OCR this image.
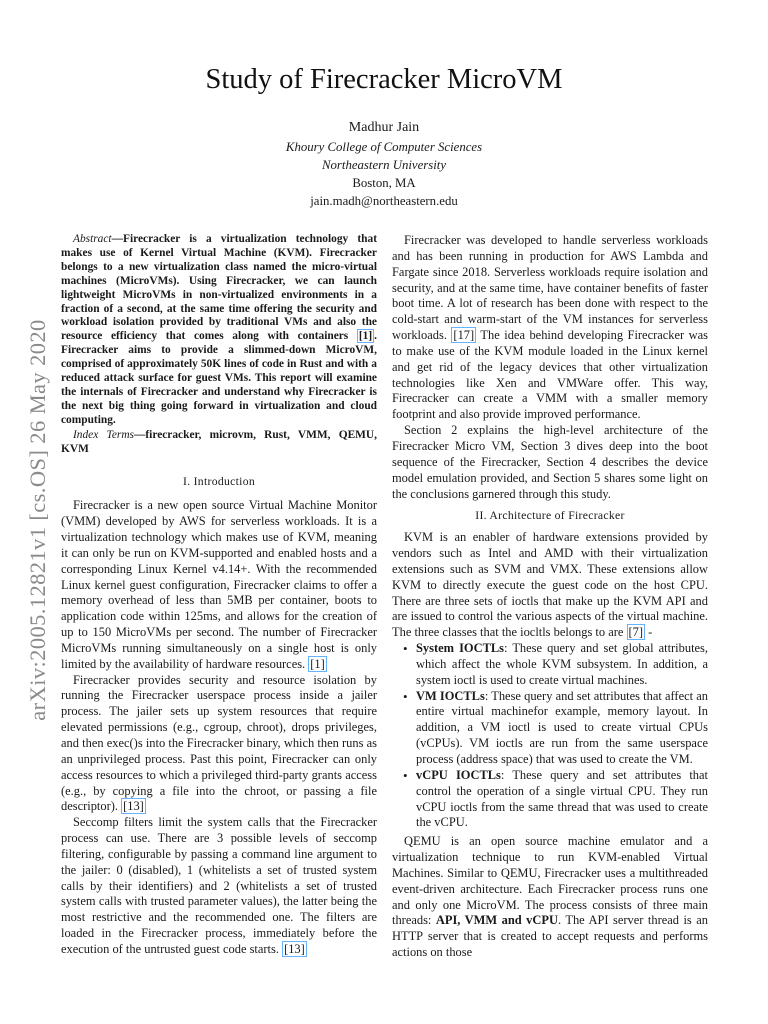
arXiv:2005.12821v1 [cs.OS] 26 May 2020
Study of Firecracker MicroVM
Madhur Jain
Khoury College of Computer Sciences
Northeastern University
Boston, MA
jain.madh@northeastern.edu

Abstract—Firecracker is a virtualization technology that makes use of Kernel Virtual Machine (KVM). Firecracker belongs to a new virtualization class named the micro-virtual machines (MicroVMs). Using Firecracker, we can launch lightweight MicroVMs in non-virtualized environments in a fraction of a second, at the same time offering the security and workload isolation provided by traditional VMs and also the resource efficiency that comes along with containers [1] . Firecracker aims to provide a slimmed-down MicroVM, comprised of approximately 50K lines of code in Rust and with a reduced attack surface for guest VMs. This report will examine the internals of Firecracker and understand why Firecracker is the next big thing going forward in virtualization and cloud computing.

Index Terms—firecracker, microvm, Rust, VMM, QEMU, KVM

I. Introduction

Firecracker is a new open source Virtual Machine Monitor (VMM) developed by AWS for serverless workloads. It is a virtualization technology which makes use of KVM, meaning it can only be run on KVM-supported and enabled hosts and a corresponding Linux Kernel v4.14+. With the recommended Linux kernel guest configuration, Firecracker claims to offer a memory overhead of less than 5MB per container, boots to application code within 125ms, and allows for the creation of up to 150 MicroVMs per second. The number of Firecracker MicroVMs running simultaneously on a single host is only limited by the availability of hardware resources. [1]

Firecracker provides security and resource isolation by running the Firecracker userspace process inside a jailer process. The jailer sets up system resources that require elevated permissions (e.g., cgroup, chroot), drops privileges, and then exec()s into the Firecracker binary, which then runs as an unprivileged process. Past this point, Firecracker can only access resources to which a privileged third-party grants access (e.g., by copying a file into the chroot, or passing a file descriptor). [13]

Seccomp filters limit the system calls that the Firecracker process can use. There are 3 possible levels of seccomp filtering, configurable by passing a command line argument to the jailer: 0 (disabled), 1 (whitelists a set of trusted system calls by their identifiers) and 2 (whitelists a set of trusted system calls with trusted parameter values), the latter being the most restrictive and the recommended one. The filters are loaded in the Firecracker process, immediately before the execution of the untrusted guest code starts. [13]

Firecracker was developed to handle serverless workloads and has been running in production for AWS Lambda and Fargate since 2018. Serverless workloads require isolation and security, and at the same time, have container benefits of faster boot time. A lot of research has been done with respect to the cold-start and warm-start of the VM instances for serverless workloads. [17] The idea behind developing Firecracker was to make use of the KVM module loaded in the Linux kernel and get rid of the legacy devices that other virtualization technologies like Xen and VMWare offer. This way, Firecracker can create a VMM with a smaller memory footprint and also provide improved performance.

Section 2 explains the high-level architecture of the Firecracker Micro VM, Section 3 dives deep into the boot sequence of the Firecracker, Section 4 describes the device model emulation provided, and Section 5 shares some light on the conclusions garnered through this study.

II. Architecture of Firecracker

KVM is an enabler of hardware extensions provided by vendors such as Intel and AMD with their virtualization extensions such as SVM and VMX. These extensions allow KVM to directly execute the guest code on the host CPU. There are three sets of ioctls that make up the KVM API and are issued to control the various aspects of the virtual machine. The three classes that the iocltls belongs to are [7] -

• System IOCTLs: These query and set global attributes, which affect the whole KVM subsystem. In addition, a system ioctl is used to create virtual machines.
• VM IOCTLs: These query and set attributes that affect an entire virtual machinefor example, memory layout. In addition, a VM ioctl is used to create virtual CPUs (vCPUs). VM ioctls are run from the same userspace process (address space) that was used to create the VM.
• vCPU IOCTLs: These query and set attributes that control the operation of a single virtual CPU. They run vCPU ioctls from the same thread that was used to create the vCPU.

QEMU is an open source machine emulator and a virtualization technique to run KVM-enabled Virtual Machines. Similar to QEMU, Firecracker uses a multithreaded event-driven architecture. Each Firecracker process runs one and only one MicroVM. The process consists of three main threads: API, VMM and vCPU. The API server thread is an HTTP server that is created to accept requests and performs actions on those
